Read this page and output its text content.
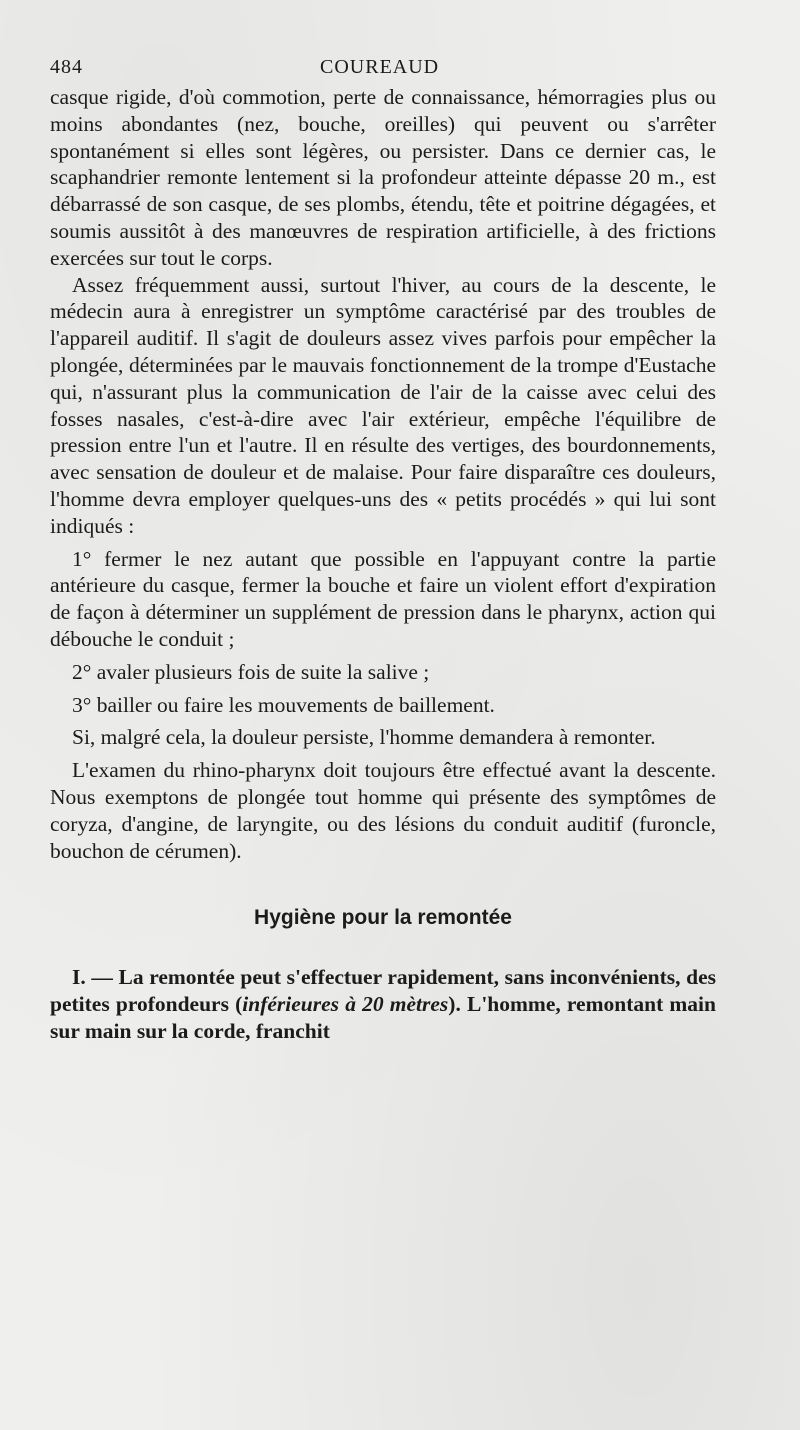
484	COUREAUD

casque rigide, d'où commotion, perte de connaissance, hémorragies plus ou moins abondantes (nez, bouche, oreilles) qui peuvent ou s'arrêter spontanément si elles sont légères, ou persister. Dans ce dernier cas, le scaphandrier remonte lentement si la profondeur atteinte dépasse 20 m., est débarrassé de son casque, de ses plombs, étendu, tête et poitrine dégagées, et soumis aussitôt à des manœuvres de respiration artificielle, à des frictions exercées sur tout le corps.

Assez fréquemment aussi, surtout l'hiver, au cours de la descente, le médecin aura à enregistrer un symptôme caractérisé par des troubles de l'appareil auditif. Il s'agit de douleurs assez vives parfois pour empêcher la plongée, déterminées par le mauvais fonctionnement de la trompe d'Eustache qui, n'assurant plus la communication de l'air de la caisse avec celui des fosses nasales, c'est-à-dire avec l'air extérieur, empêche l'équilibre de pression entre l'un et l'autre. Il en résulte des vertiges, des bourdonnements, avec sensation de douleur et de malaise. Pour faire disparaître ces douleurs, l'homme devra employer quelques-uns des « petits procédés » qui lui sont indiqués :

1° fermer le nez autant que possible en l'appuyant contre la partie antérieure du casque, fermer la bouche et faire un violent effort d'expiration de façon à déterminer un supplément de pression dans le pharynx, action qui débouche le conduit ;

2° avaler plusieurs fois de suite la salive ;

3° bailler ou faire les mouvements de baillement.

Si, malgré cela, la douleur persiste, l'homme demandera à remonter.

L'examen du rhino-pharynx doit toujours être effectué avant la descente. Nous exemptons de plongée tout homme qui présente des symptômes de coryza, d'angine, de laryngite, ou des lésions du conduit auditif (furoncle, bouchon de cérumen).

Hygiène pour la remontée

I. — La remontée peut s'effectuer rapidement, sans inconvénients, des petites profondeurs (inférieures à 20 mètres). L'homme, remontant main sur main sur la corde, franchit
